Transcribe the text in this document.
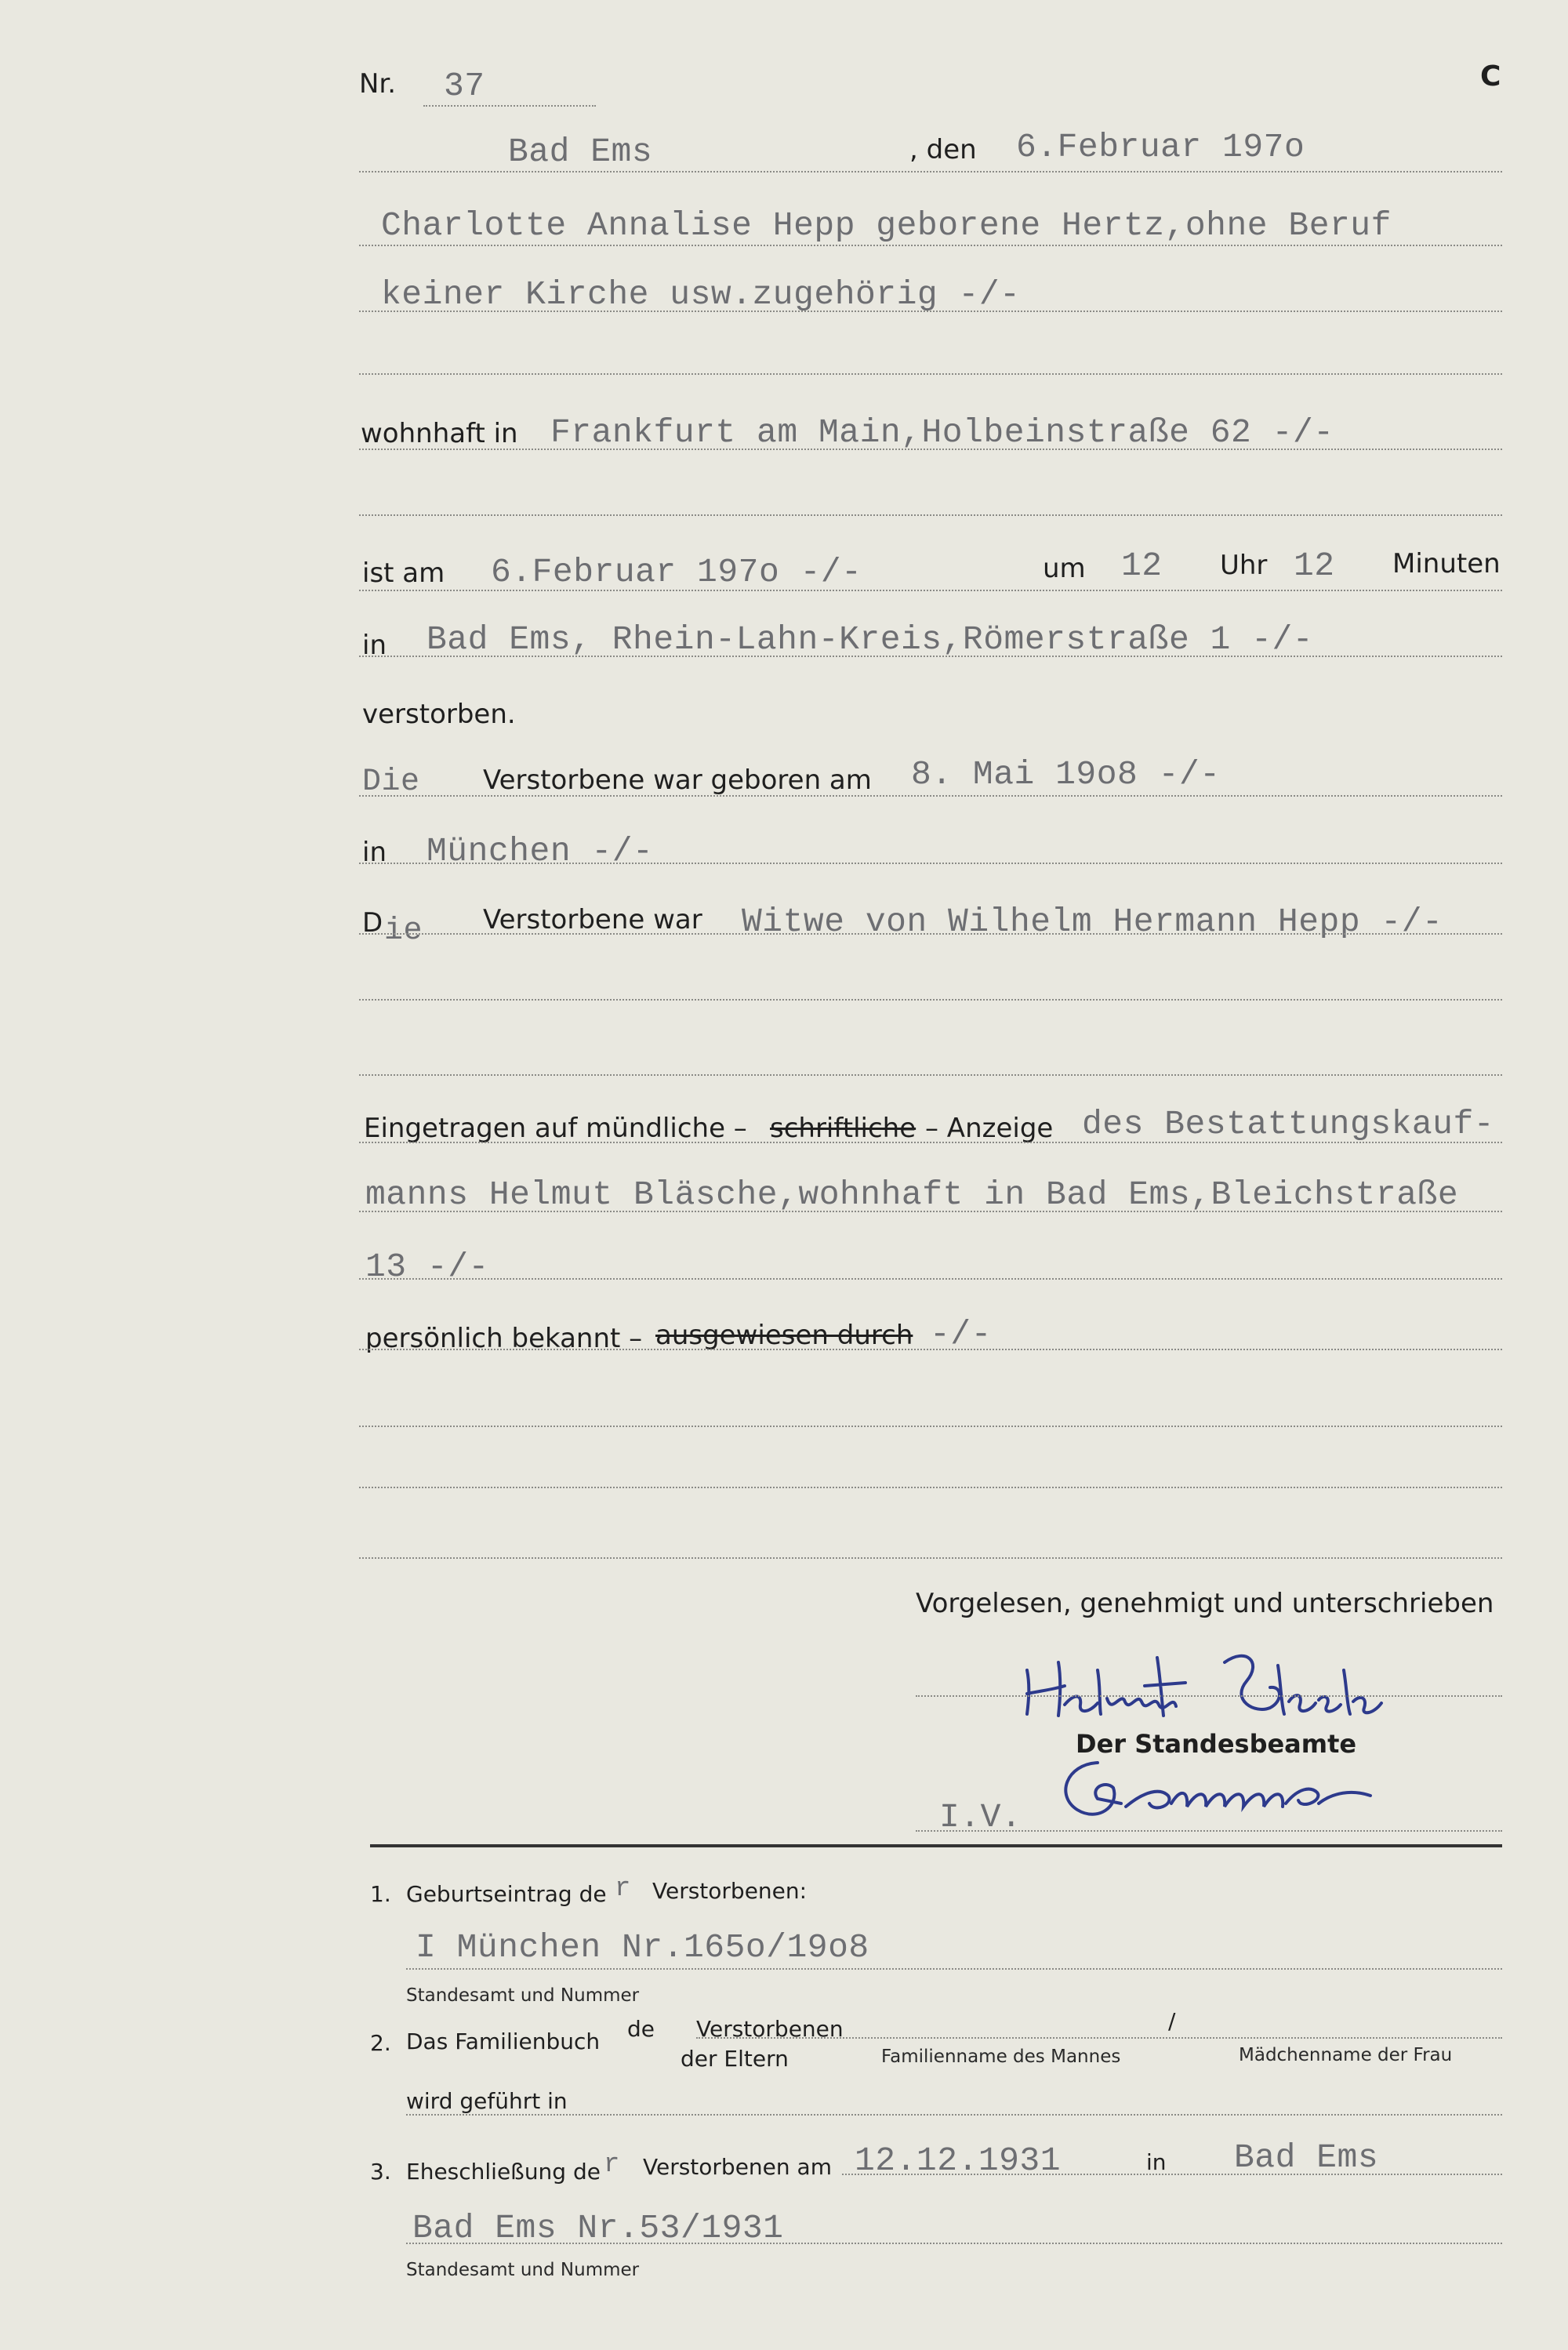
Nr. 37	C
Bad Ems	, den 6.Februar 197o
Charlotte Annalise Hepp geborene Hertz,ohne Beruf
keiner Kirche usw.zugehörig -/-
wohnhaft in Frankfurt am Main,Holbeinstraße 62 -/-
ist am 6.Februar 197o -/-	um 12 Uhr 12 Minuten
in Bad Ems, Rhein-Lahn-Kreis,Römerstraße 1 -/-
verstorben.
Die Verstorbene war geboren am 8. Mai 19o8 -/-
in München -/-
D ie Verstorbene war Witwe von Wilhelm Hermann Hepp -/-
Eingetragen auf mündliche – schriftliche – Anzeige des Bestattungskauf-
manns Helmut Bläsche,wohnhaft in Bad Ems,Bleichstraße
13 -/-
persönlich bekannt – ausgewiesen durch -/-
Vorgelesen, genehmigt und unterschrieben
Helmut Bläsche
Der Standesbeamte
I.V.
Gemmer
1. Geburtseintrag de r Verstorbenen:
I München Nr.165o/19o8
Standesamt und Nummer
2. Das Familienbuch de Verstorbenen	/
der Eltern	Familienname des Mannes	Mädchenname der Frau
wird geführt in
3. Eheschließung de r Verstorbenen am 12.12.1931	in Bad Ems
Bad Ems Nr.53/1931
Standesamt und Nummer
